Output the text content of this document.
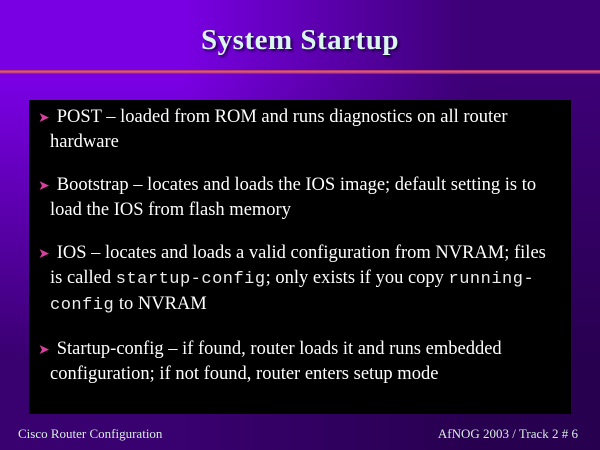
System Startup
➤ POST – loaded from ROM and runs diagnostics on all router hardware
➤ Bootstrap – locates and loads the IOS image; default setting is to load the IOS from flash memory
➤ IOS – locates and loads a valid configuration from NVRAM; files is called startup-config; only exists if you copy running-config to NVRAM
➤ Startup-config – if found, router loads it and runs embedded configuration; if not found, router enters setup mode
Cisco Router Configuration	AfNOG 2003 / Track 2 # 6
